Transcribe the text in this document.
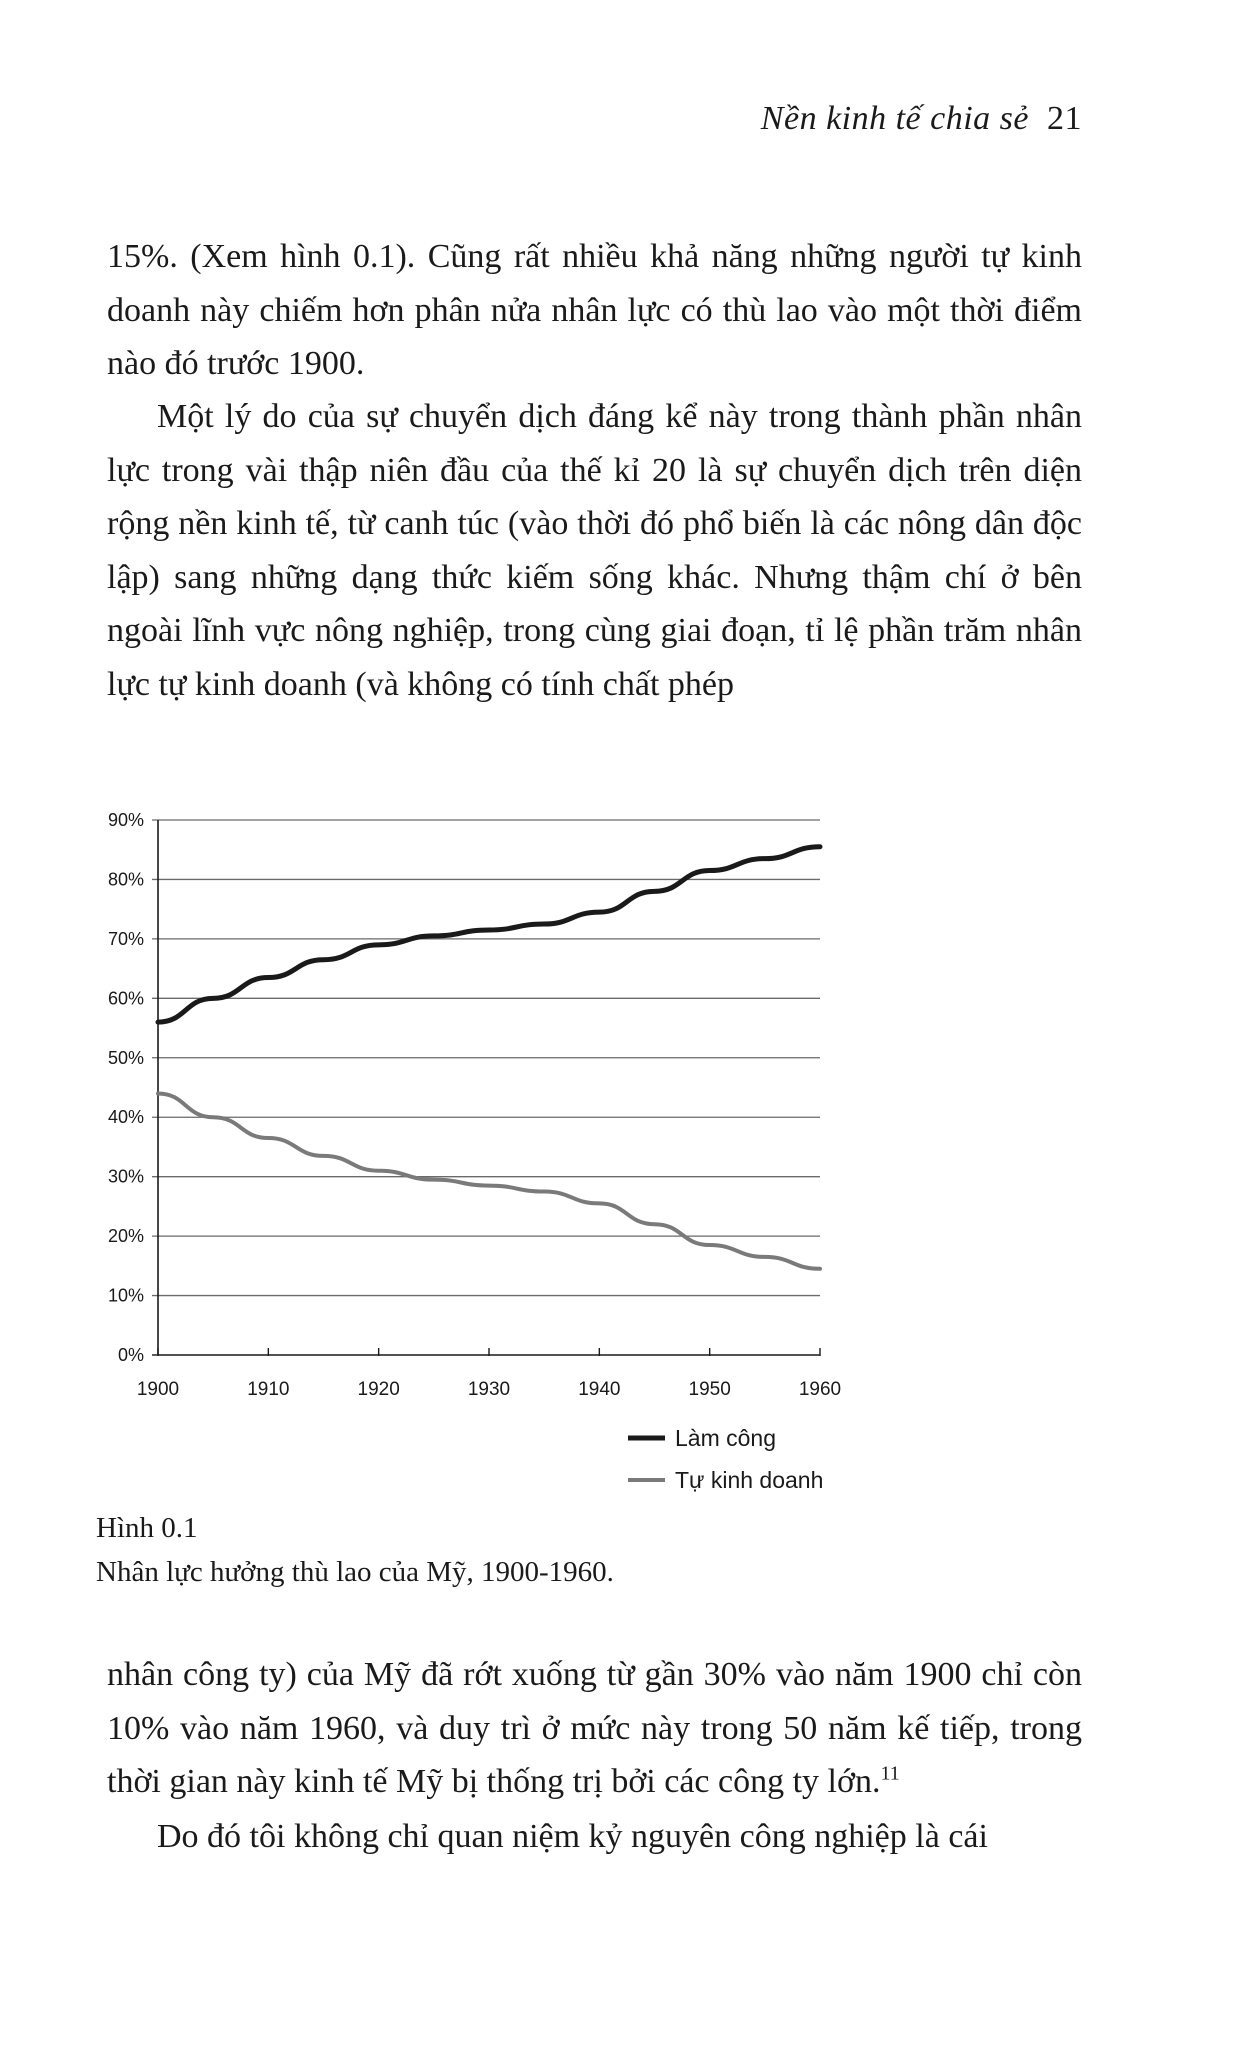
Nền kinh tế chia sẻ 21

15%. (Xem hình 0.1). Cũng rất nhiều khả năng những người tự kinh doanh này chiếm hơn phân nửa nhân lực có thù lao vào một thời điểm nào đó trước 1900.

Một lý do của sự chuyển dịch đáng kể này trong thành phần nhân lực trong vài thập niên đầu của thế kỉ 20 là sự chuyển dịch trên diện rộng nền kinh tế, từ canh túc (vào thời đó phổ biến là các nông dân độc lập) sang những dạng thức kiếm sống khác. Nhưng thậm chí ở bên ngoài lĩnh vực nông nghiệp, trong cùng giai đoạn, tỉ lệ phần trăm nhân lực tự kinh doanh (và không có tính chất phép

0%
10%
20%
30%
40%
50%
60%
70%
80%
90%
1900	1910	1920	1930	1940	1950	1960
Làm công
Tự kinh doanh
Hình 0.1
Nhân lực hưởng thù lao của Mỹ, 1900-1960.

nhân công ty) của Mỹ đã rớt xuống từ gần 30% vào năm 1900 chỉ còn 10% vào năm 1960, và duy trì ở mức này trong 50 năm kế tiếp, trong thời gian này kinh tế Mỹ bị thống trị bởi các công ty lớn.$^{11}$

Do đó tôi không chỉ quan niệm kỷ nguyên công nghiệp là cái
